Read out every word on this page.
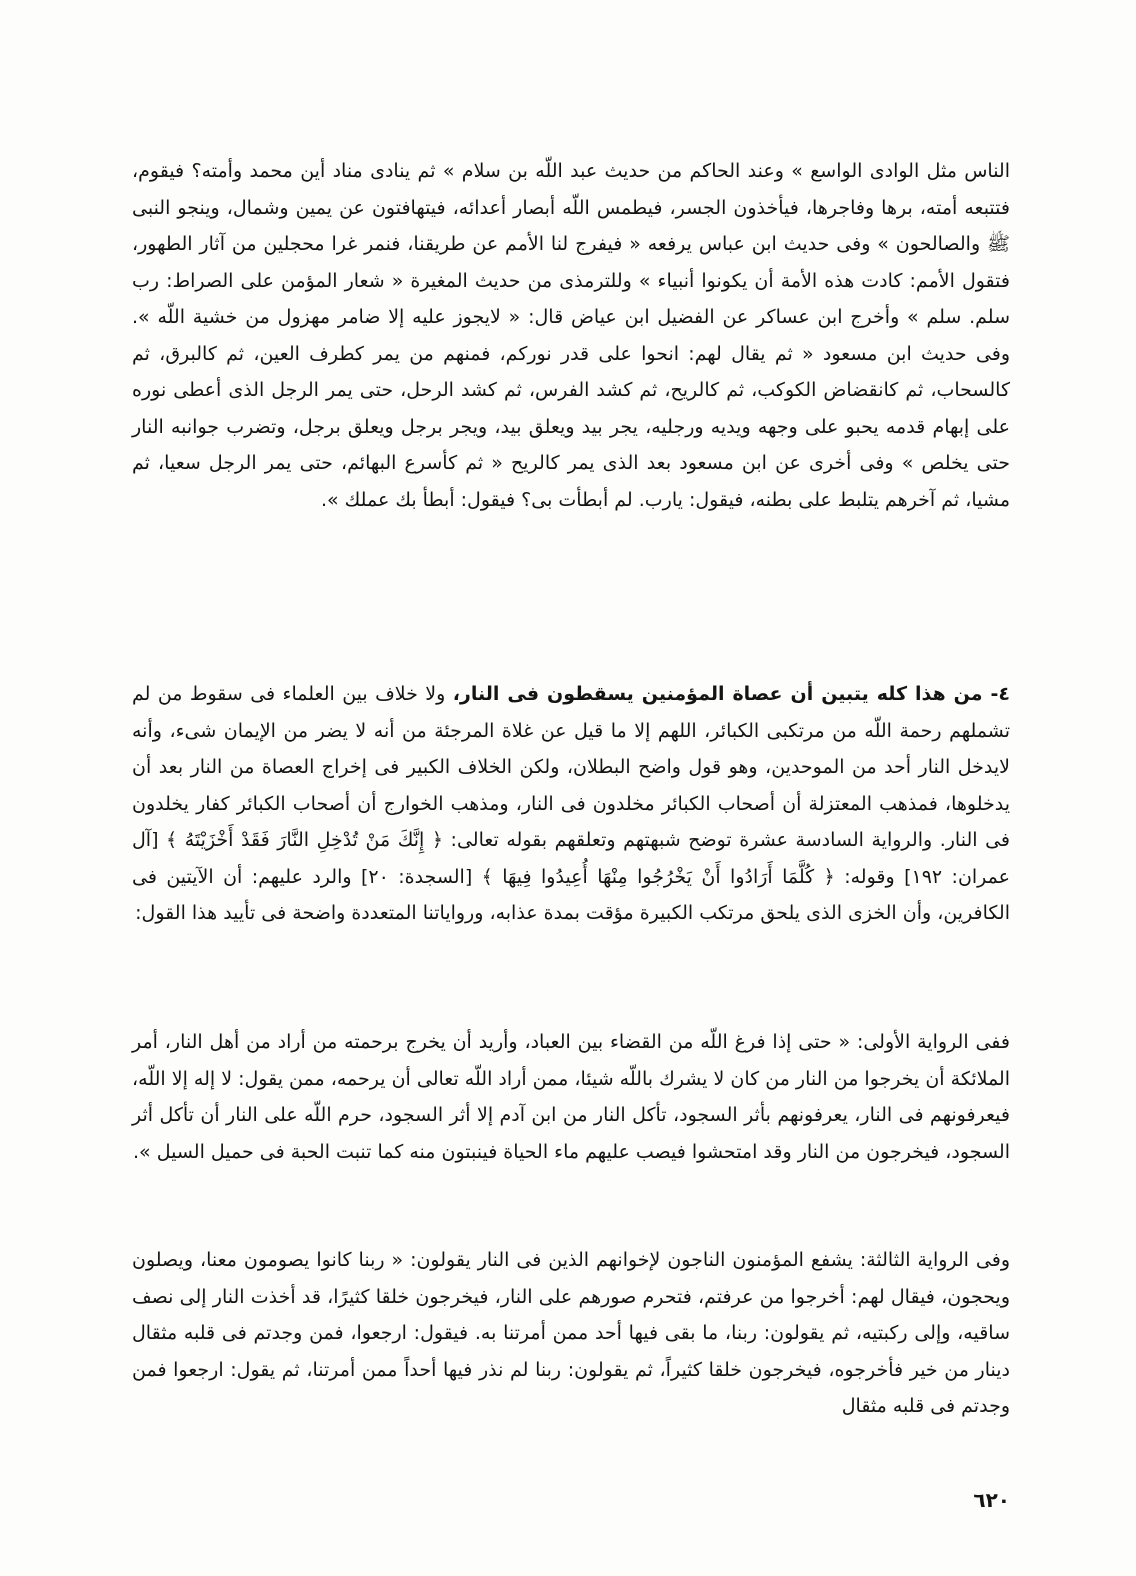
الناس مثل الوادى الواسع » وعند الحاكم من حديث عبد اللّه بن سلام » ثم ينادى مناد أين محمد وأمته؟ فيقوم، فتتبعه أمته، برها وفاجرها، فيأخذون الجسر، فيطمس اللّه أبصار أعدائه، فيتهافتون عن يمين وشمال، وينجو النبى ﷺ والصالحون » وفى حديث ابن عباس يرفعه « فيفرج لنا الأمم عن طريقنا، فنمر غرا محجلين من آثار الطهور، فتقول الأمم: كادت هذه الأمة أن يكونوا أنبياء » وللترمذى من حديث المغيرة « شعار المؤمن على الصراط: رب سلم. سلم » وأخرج ابن عساكر عن الفضيل ابن عياض قال: « لايجوز عليه إلا ضامر مهزول من خشية اللّه ». وفى حديث ابن مسعود « ثم يقال لهم: انحوا على قدر نوركم، فمنهم من يمر كطرف العين، ثم كالبرق، ثم كالسحاب، ثم كانقضاض الكوكب، ثم كالريح، ثم كشد الفرس، ثم كشد الرحل، حتى يمر الرجل الذى أعطى نوره على إبهام قدمه يحبو على وجهه ويديه ورجليه، يجر بيد ويعلق بيد، ويجر برجل ويعلق برجل، وتضرب جوانبه النار حتى يخلص » وفى أخرى عن ابن مسعود بعد الذى يمر كالريح « ثم كأسرع البهائم، حتى يمر الرجل سعيا، ثم مشيا، ثم آخرهم يتلبط على بطنه، فيقول: يارب. لم أبطأت بى؟ فيقول: أبطأ بك عملك ».

٤- من هذا كله يتبين أن عصاة المؤمنين يسقطون فى النار، ولا خلاف بين العلماء فى سقوط من لم تشملهم رحمة اللّه من مرتكبى الكبائر، اللهم إلا ما قيل عن غلاة المرجئة من أنه لا يضر من الإيمان شىء، وأنه لايدخل النار أحد من الموحدين، وهو قول واضح البطلان، ولكن الخلاف الكبير فى إخراج العصاة من النار بعد أن يدخلوها، فمذهب المعتزلة أن أصحاب الكبائر مخلدون فى النار، ومذهب الخوارج أن أصحاب الكبائر كفار يخلدون فى النار. والرواية السادسة عشرة توضح شبهتهم وتعلقهم بقوله تعالى: ﴿ إِنَّكَ مَنْ تُدْخِلِ النَّارَ فَقَدْ أَخْزَيْتَهُ ﴾ [آل عمران: ١٩٢] وقوله: ﴿ كُلَّمَا أَرَادُوا أَنْ يَخْرُجُوا مِنْهَا أُعِيدُوا فِيهَا ﴾ [السجدة: ٢٠] والرد عليهم: أن الآيتين فى الكافرين، وأن الخزى الذى يلحق مرتكب الكبيرة مؤقت بمدة عذابه، ورواياتنا المتعددة واضحة فى تأييد هذا القول:

ففى الرواية الأولى: « حتى إذا فرغ اللّه من القضاء بين العباد، وأريد أن يخرج برحمته من أراد من أهل النار، أمر الملائكة أن يخرجوا من النار من كان لا يشرك باللّه شيئا، ممن أراد اللّه تعالى أن يرحمه، ممن يقول: لا إله إلا اللّه، فيعرفونهم فى النار، يعرفونهم بأثر السجود، تأكل النار من ابن آدم إلا أثر السجود، حرم اللّه على النار أن تأكل أثر السجود، فيخرجون من النار وقد امتحشوا فيصب عليهم ماء الحياة فينبتون منه كما تنبت الحبة فى حميل السيل ».

وفى الرواية الثالثة: يشفع المؤمنون الناجون لإخوانهم الذين فى النار يقولون: « ربنا كانوا يصومون معنا، ويصلون ويحجون، فيقال لهم: أخرجوا من عرفتم، فتحرم صورهم على النار، فيخرجون خلقا كثيرًا، قد أخذت النار إلى نصف ساقيه، وإلى ركبتيه، ثم يقولون: ربنا، ما بقى فيها أحد ممن أمرتنا به. فيقول: ارجعوا، فمن وجدتم فى قلبه مثقال دينار من خير فأخرجوه، فيخرجون خلقا كثيراً، ثم يقولون: ربنا لم نذر فيها أحداً ممن أمرتنا، ثم يقول: ارجعوا فمن وجدتم فى قلبه مثقال

٦٢٠
